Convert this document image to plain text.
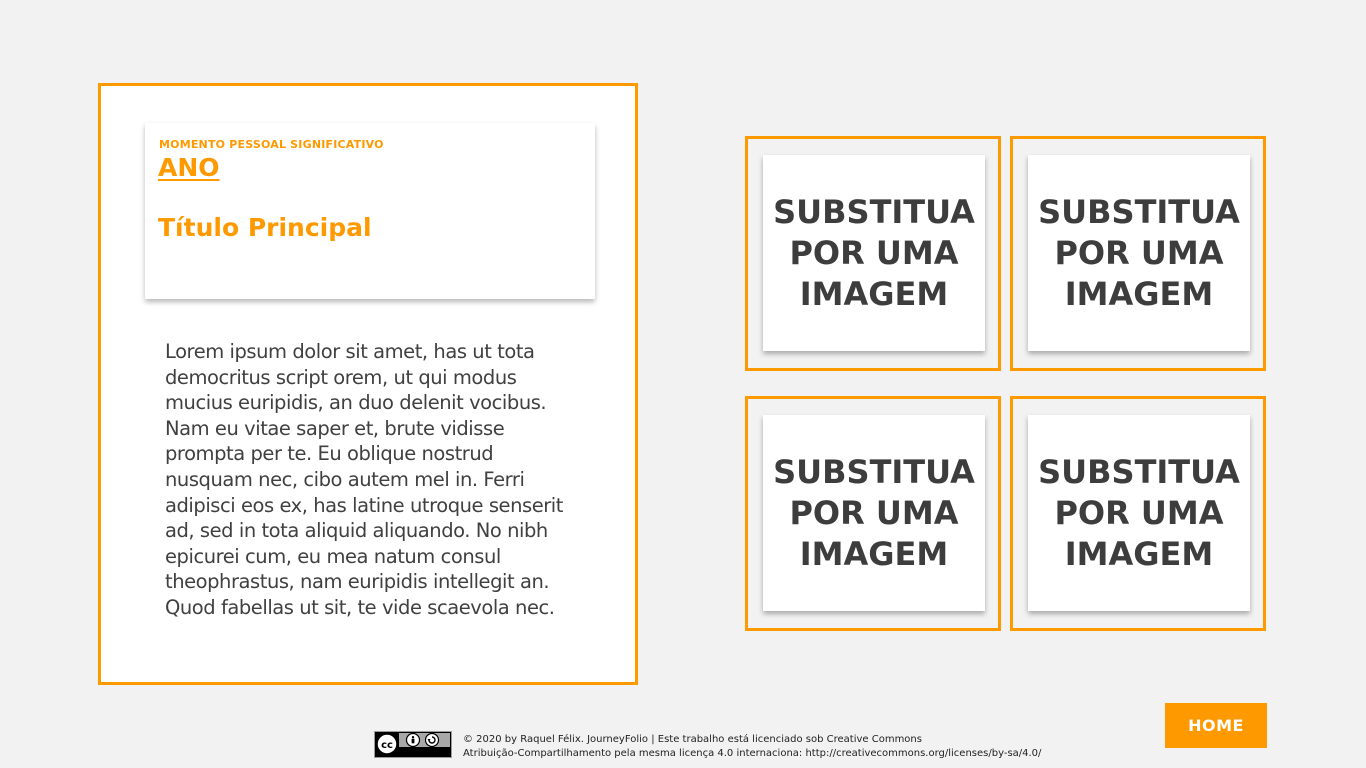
MOMENTO PESSOAL SIGNIFICATIVO
ANO
Título Principal
Lorem ipsum dolor sit amet, has ut tota democritus script orem, ut qui modus mucius euripidis, an duo delenit vocibus. Nam eu vitae saper et, brute vidisse prompta per te. Eu oblique nostrud nusquam nec, cibo autem mel in. Ferri adipisci eos ex, has latine utroque senserit ad, sed in tota aliquid aliquando. No nibh epicurei cum, eu mea natum consul theophrastus, nam euripidis intellegit an. Quod fabellas ut sit, te vide scaevola nec.
SUBSTITUA
POR UMA
IMAGEM
SUBSTITUA
POR UMA
IMAGEM
SUBSTITUA
POR UMA
IMAGEM
SUBSTITUA
POR UMA
IMAGEM
cc
© 2020 by Raquel Félix. JourneyFolio | Este trabalho está licenciado sob Creative Commons
Atribuição-Compartilhamento pela mesma licença 4.0 internaciona: http://creativecommons.org/licenses/by-sa/4.0/
HOME
